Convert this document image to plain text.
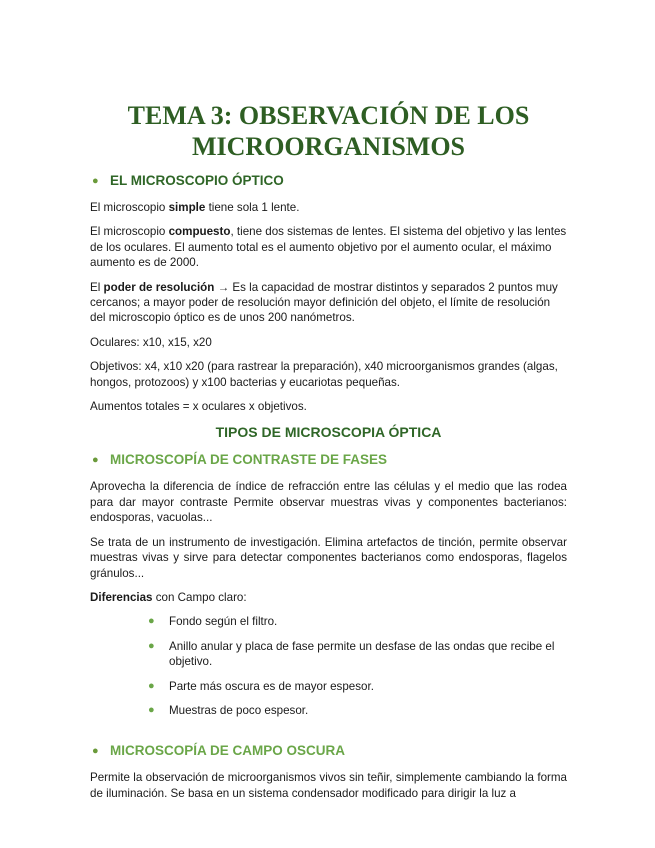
TEMA 3: OBSERVACIÓN DE LOS
MICROORGANISMOS
● EL MICROSCOPIO ÓPTICO

El microscopio simple tiene sola 1 lente.

El microscopio compuesto, tiene dos sistemas de lentes. El sistema del objetivo y las lentes de los oculares. El aumento total es el aumento objetivo por el aumento ocular, el máximo aumento es de 2000.

El poder de resolución → Es la capacidad de mostrar distintos y separados 2 puntos muy cercanos; a mayor poder de resolución mayor definición del objeto, el límite de resolución del microscopio óptico es de unos 200 nanómetros.

Oculares: x10, x15, x20

Objetivos: x4, x10 x20 (para rastrear la preparación), x40 microorganismos grandes (algas, hongos, protozoos) y x100 bacterias y eucariotas pequeñas.

Aumentos totales = x oculares x objetivos.

TIPOS DE MICROSCOPIA ÓPTICA
● MICROSCOPÍA DE CONTRASTE DE FASES

Aprovecha la diferencia de índice de refracción entre las células y el medio que las rodea para dar mayor contraste Permite observar muestras vivas y componentes bacterianos: endosporas, vacuolas...

Se trata de un instrumento de investigación. Elimina artefactos de tinción, permite observar muestras vivas y sirve para detectar componentes bacterianos como endosporas, flagelos gránulos...

Diferencias con Campo claro:

● Fondo según el filtro.
● Anillo anular y placa de fase permite un desfase de las ondas que recibe el objetivo.
● Parte más oscura es de mayor espesor.
● Muestras de poco espesor.
● MICROSCOPÍA DE CAMPO OSCURA

Permite la observación de microorganismos vivos sin teñir, simplemente cambiando la forma de iluminación. Se basa en un sistema condensador modificado para dirigir la luz a
